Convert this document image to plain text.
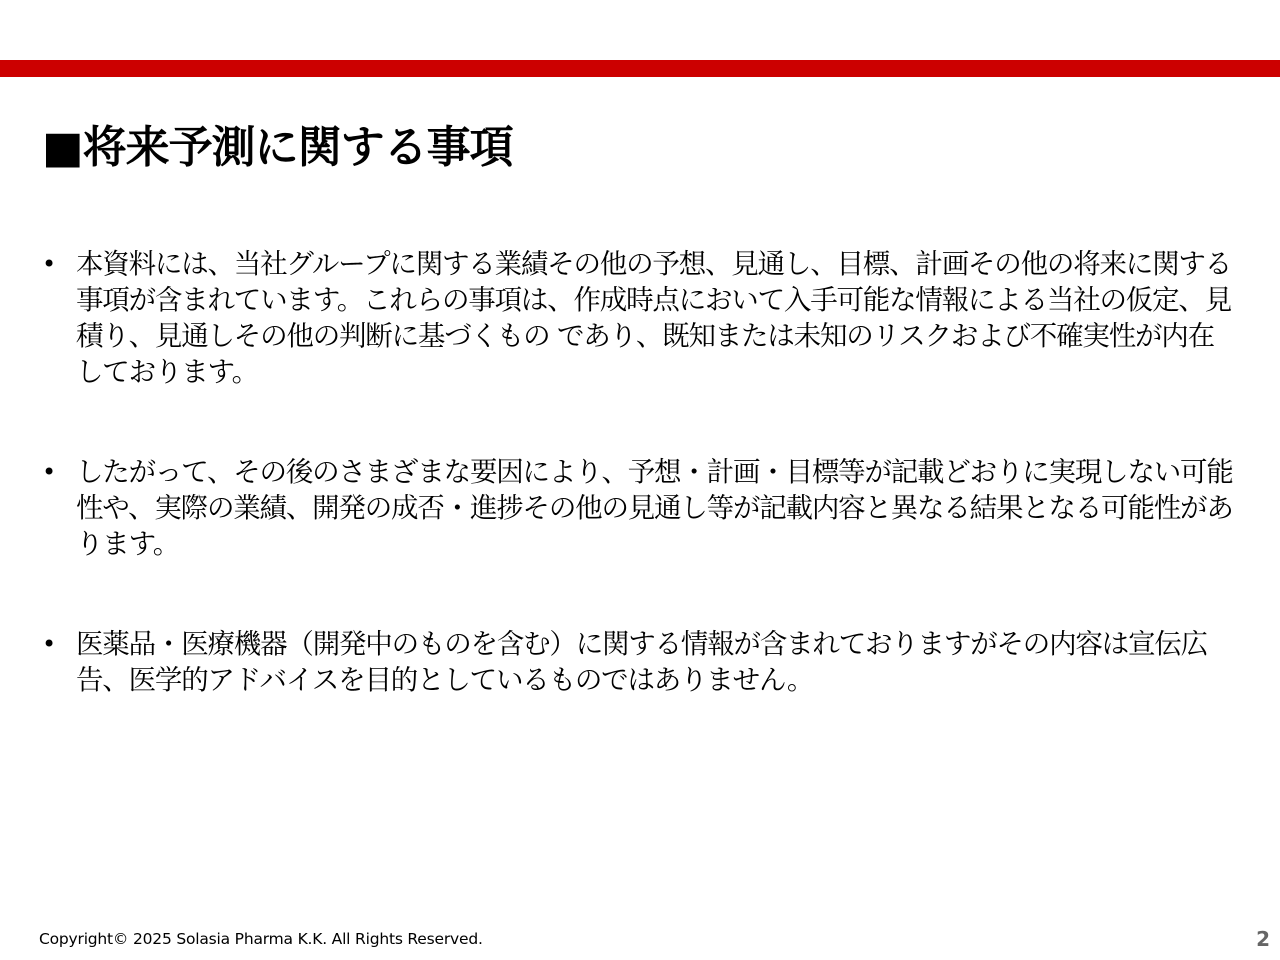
■将来予測に関する事項
• 本資料には、当社グループに関する業績その他の予想、見通し、目標、計画その他の将来に関する事項が含まれています。これらの事項は、作成時点において入手可能な情報による当社の仮定、見積り、見通しその他の判断に基づくもの であり、既知または未知のリスクおよび不確実性が内在しております。
• したがって、その後のさまざまな要因により、予想・計画・目標等が記載どおりに実現しない可能性や、実際の業績、開発の成否・進捗その他の見通し等が記載内容と異なる結果となる可能性があります。
• 医薬品・医療機器（開発中のものを含む）に関する情報が含まれておりますがその内容は宣伝広告、医学的アドバイスを目的としているものではありません。
Copyright© 2025 Solasia Pharma K.K. All Rights Reserved.	2
